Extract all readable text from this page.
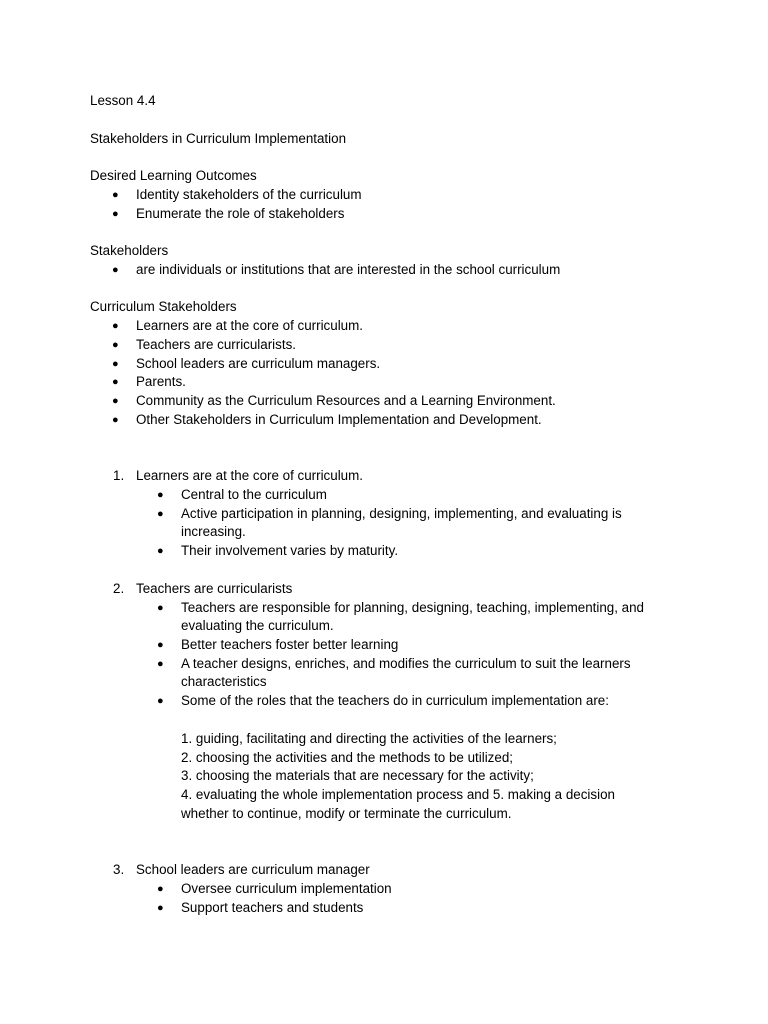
Lesson 4.4
Stakeholders in Curriculum Implementation
Desired Learning Outcomes
● Identity stakeholders of the curriculum
● Enumerate the role of stakeholders
Stakeholders
● are individuals or institutions that are interested in the school curriculum
Curriculum Stakeholders
● Learners are at the core of curriculum.
● Teachers are curricularists.
● School leaders are curriculum managers.
● Parents.
● Community as the Curriculum Resources and a Learning Environment.
● Other Stakeholders in Curriculum Implementation and Development.
1. Learners are at the core of curriculum.
● Central to the curriculum
● Active participation in planning, designing, implementing, and evaluating is
increasing.
● Their involvement varies by maturity.
2. Teachers are curricularists
● Teachers are responsible for planning, designing, teaching, implementing, and
evaluating the curriculum.
● Better teachers foster better learning
● A teacher designs, enriches, and modifies the curriculum to suit the learners
characteristics
● Some of the roles that the teachers do in curriculum implementation are:
1. guiding, facilitating and directing the activities of the learners;
2. choosing the activities and the methods to be utilized;
3. choosing the materials that are necessary for the activity;
4. evaluating the whole implementation process and 5. making a decision
whether to continue, modify or terminate the curriculum.
3. School leaders are curriculum manager
● Oversee curriculum implementation
● Support teachers and students
